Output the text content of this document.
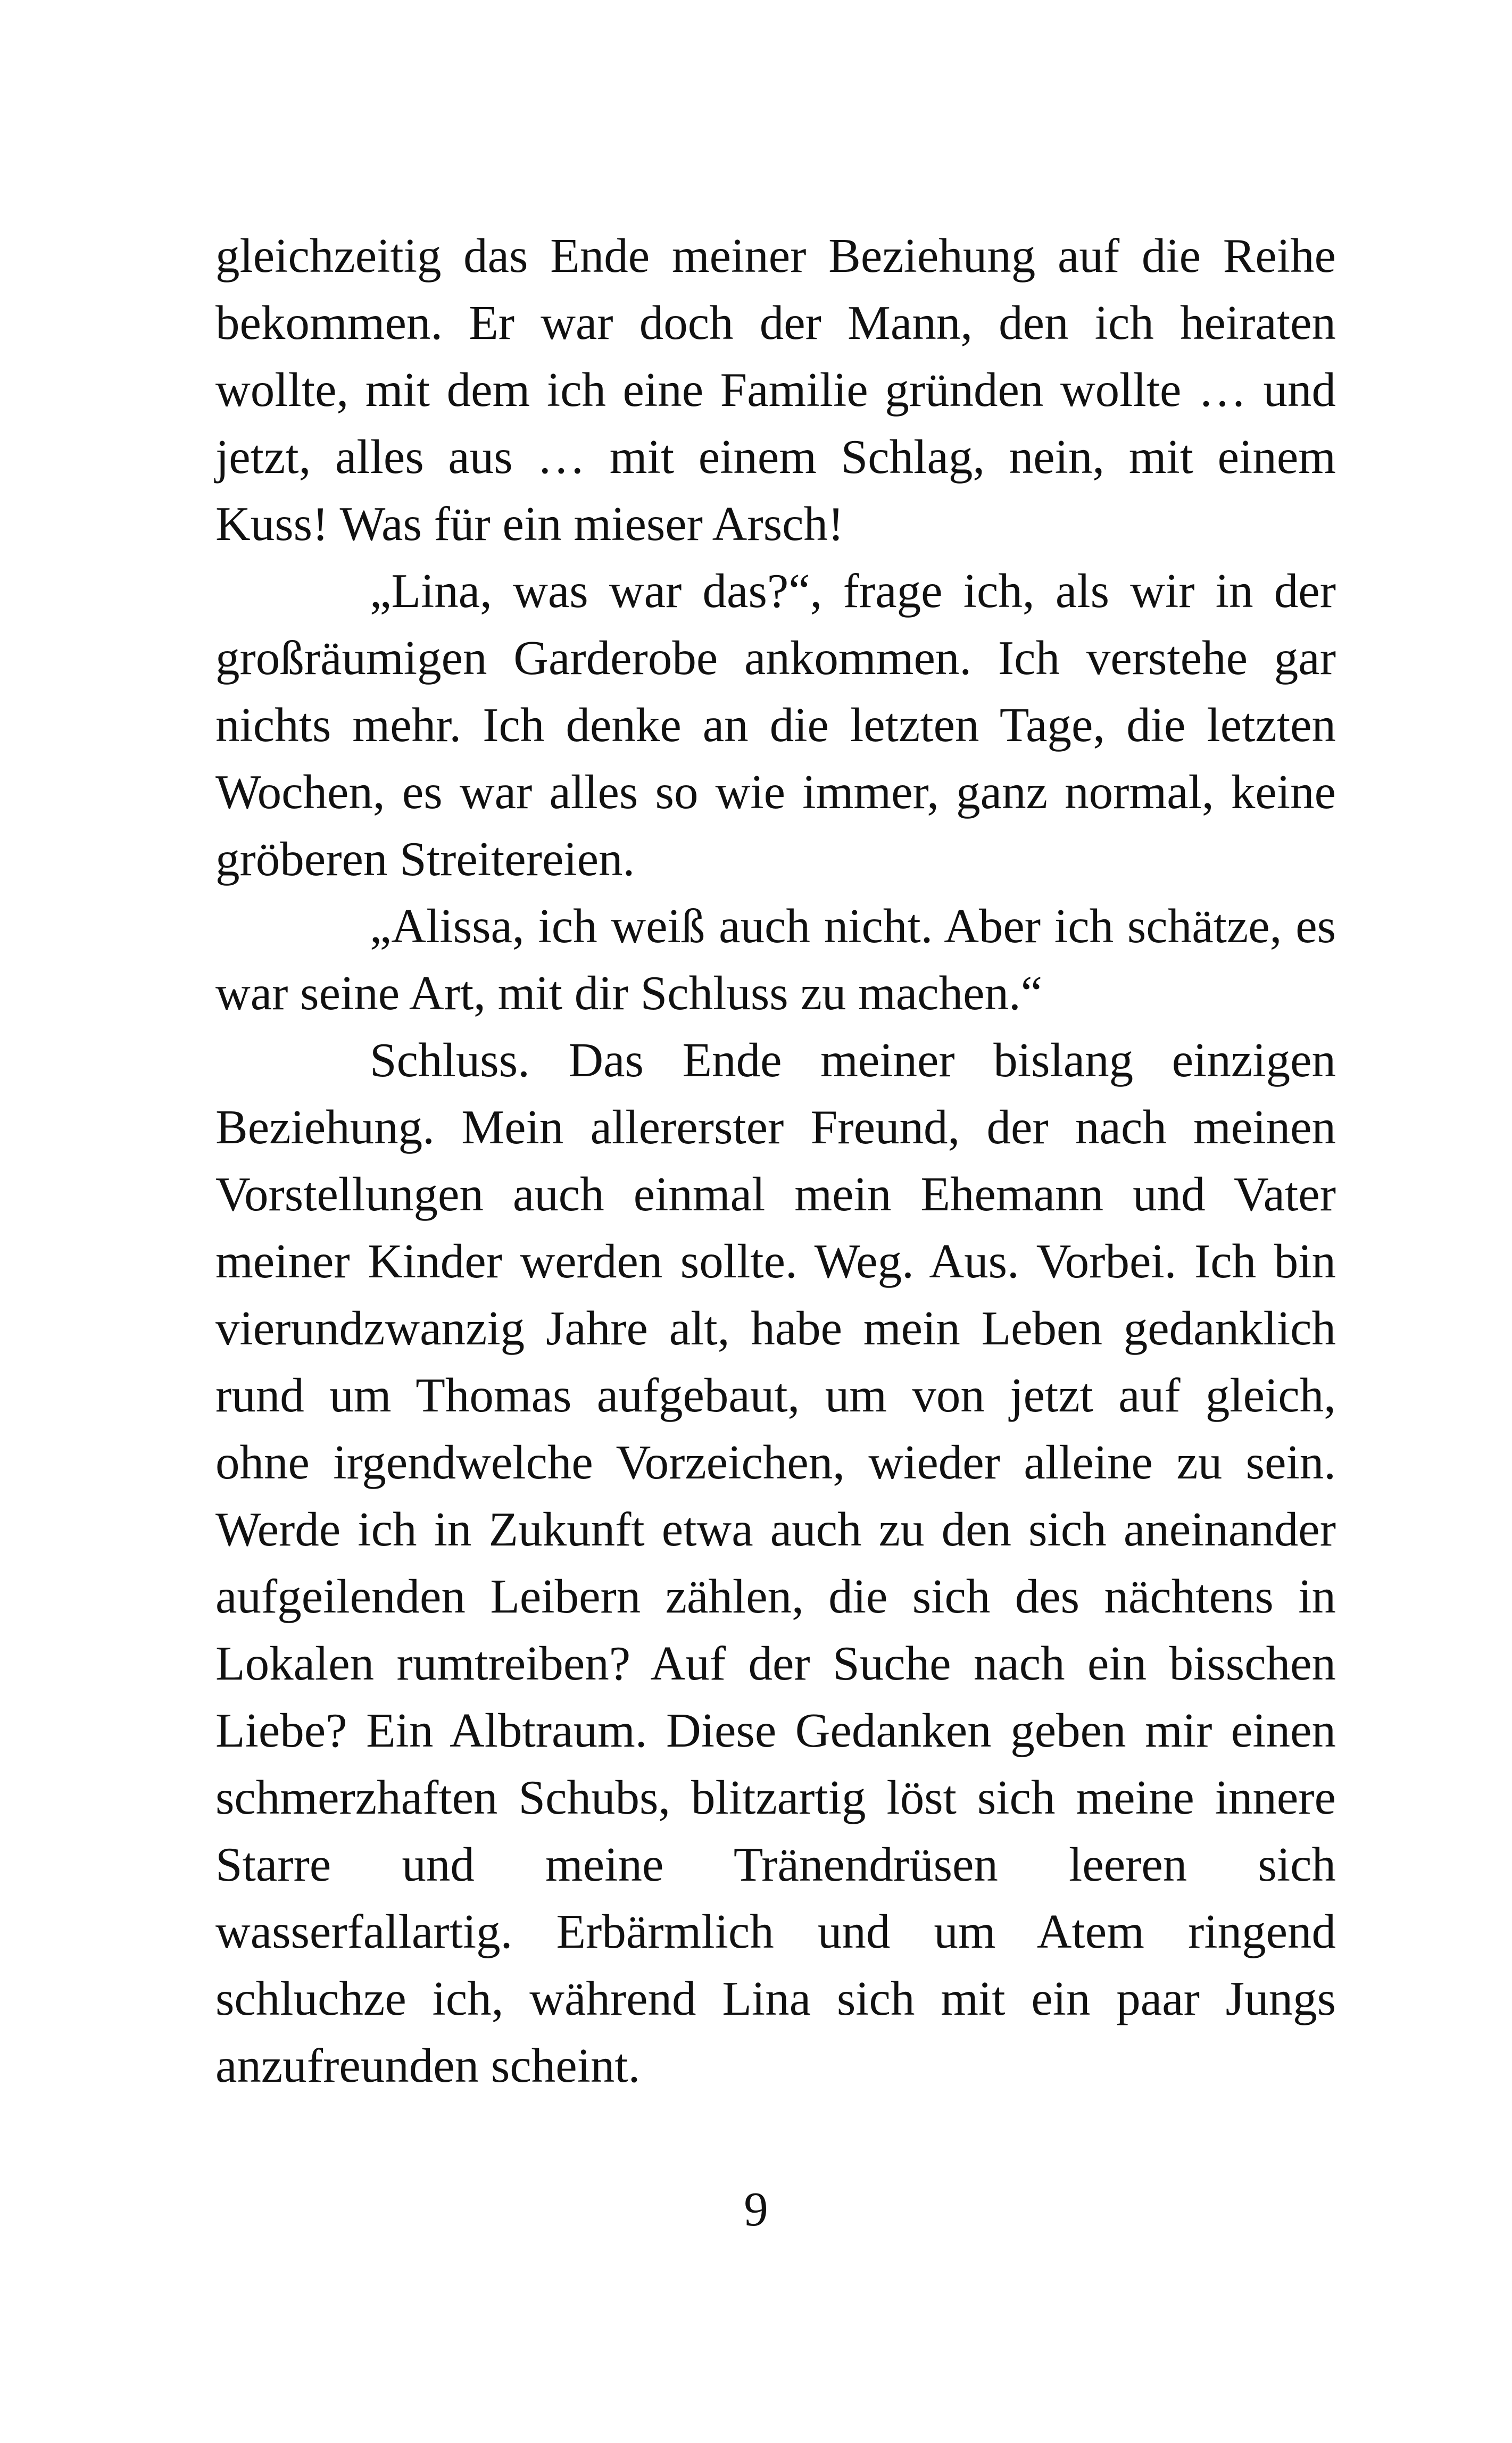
gleichzeitig das Ende meiner Beziehung auf die Reihe bekommen. Er war doch der Mann, den ich heiraten wollte, mit dem ich eine Familie gründen wollte … und jetzt, alles aus … mit einem Schlag, nein, mit einem Kuss! Was für ein mieser Arsch!

„Lina, was war das?“, frage ich, als wir in der großräumigen Garderobe ankommen. Ich verstehe gar nichts mehr. Ich denke an die letzten Tage, die letzten Wochen, es war alles so wie immer, ganz normal, keine gröberen Streitereien.

„Alissa, ich weiß auch nicht. Aber ich schätze, es war seine Art, mit dir Schluss zu machen.“

Schluss. Das Ende meiner bislang einzigen Beziehung. Mein allererster Freund, der nach meinen Vorstellungen auch einmal mein Ehemann und Vater meiner Kinder werden sollte. Weg. Aus. Vorbei. Ich bin vierundzwanzig Jahre alt, habe mein Leben gedanklich rund um Thomas aufgebaut, um von jetzt auf gleich, ohne irgendwelche Vorzeichen, wieder alleine zu sein. Werde ich in Zukunft etwa auch zu den sich aneinander aufgeilenden Leibern zählen, die sich des nächtens in Lokalen rumtreiben? Auf der Suche nach ein bisschen Liebe? Ein Albtraum. Diese Gedanken geben mir einen schmerzhaften Schubs, blitzartig löst sich meine innere Starre und meine Tränendrüsen leeren sich wasserfallartig. Erbärmlich und um Atem ringend schluchze ich, während Lina sich mit ein paar Jungs anzufreunden scheint.

9
